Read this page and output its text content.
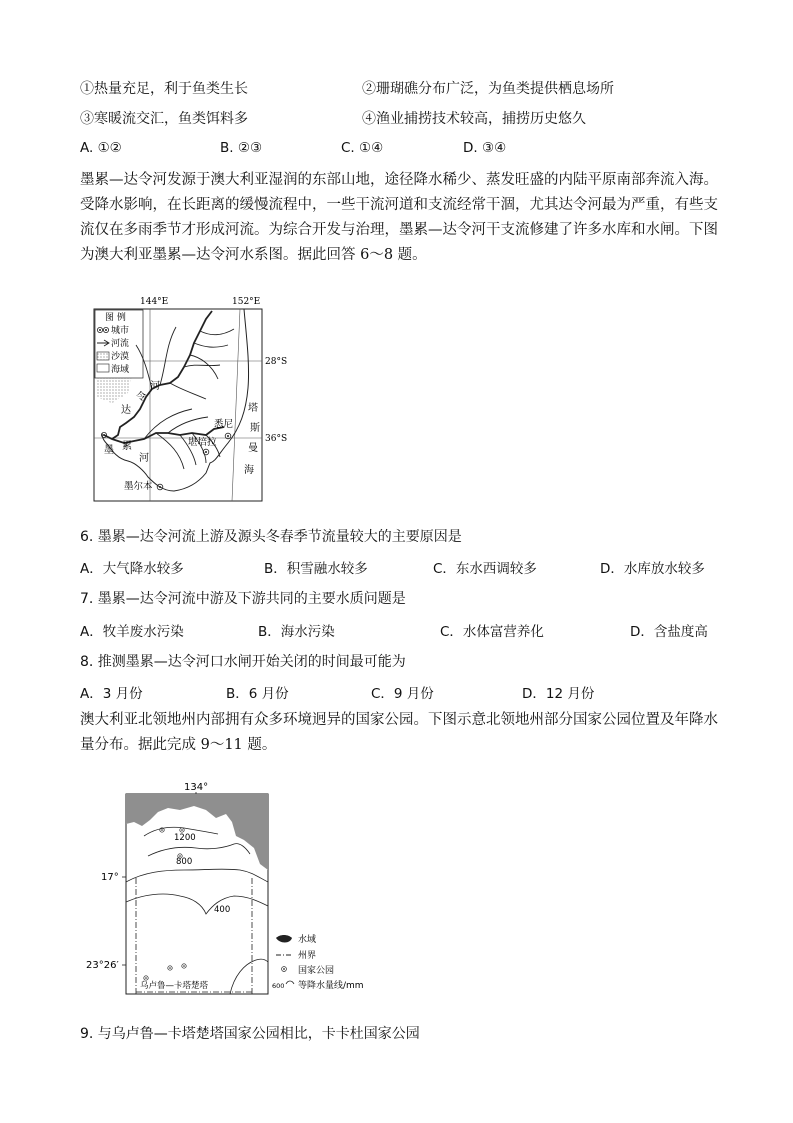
①热量充足，利于鱼类生长	②珊瑚礁分布广泛，为鱼类提供栖息场所
③寒暖流交汇，鱼类饵料多	④渔业捕捞技术较高，捕捞历史悠久
A. ①②	B. ②③	C. ①④	D. ③④
墨累—达令河发源于澳大利亚湿润的东部山地，途径降水稀少、蒸发旺盛的内陆平原南部奔流入海。受降水影响，在长距离的缓慢流程中，一些干流河道和支流经常干涸，尤其达令河最为严重，有些支流仅在多雨季节才形成河流。为综合开发与治理，墨累—达令河干支流修建了许多水库和水闸。下图为澳大利亚墨累—达令河水系图。据此回答 6～8 题。
144°E	152°E
图 例
城市
河流
沙漠
海域
28°S
36°S
达
令
河
墨 累
河
塔
斯
曼
海
悉尼
堪培拉
墨尔本
6. 墨累—达令河流上游及源头冬春季节流量较大的主要原因是
A．大气降水较多	B．积雪融水较多	C．东水西调较多	D．水库放水较多
7. 墨累—达令河流中游及下游共同的主要水质问题是
A．牧羊废水污染	B．海水污染	C．水体富营养化	D．含盐度高
8. 推测墨累—达令河口水闸开始关闭的时间最可能为
A．3 月份	B．6 月份	C．9 月份	D．12 月份
澳大利亚北领地州内部拥有众多环境迥异的国家公园。下图示意北领地州部分国家公园位置及年降水量分布。据此完成 9～11 题。
134°
1200
800
400
卡卡杜
乌卢鲁—卡塔楚塔
17°
23°26′
水域
州界
国家公园
600 等降水量线/mm
9. 与乌卢鲁—卡塔楚塔国家公园相比，卡卡杜国家公园
